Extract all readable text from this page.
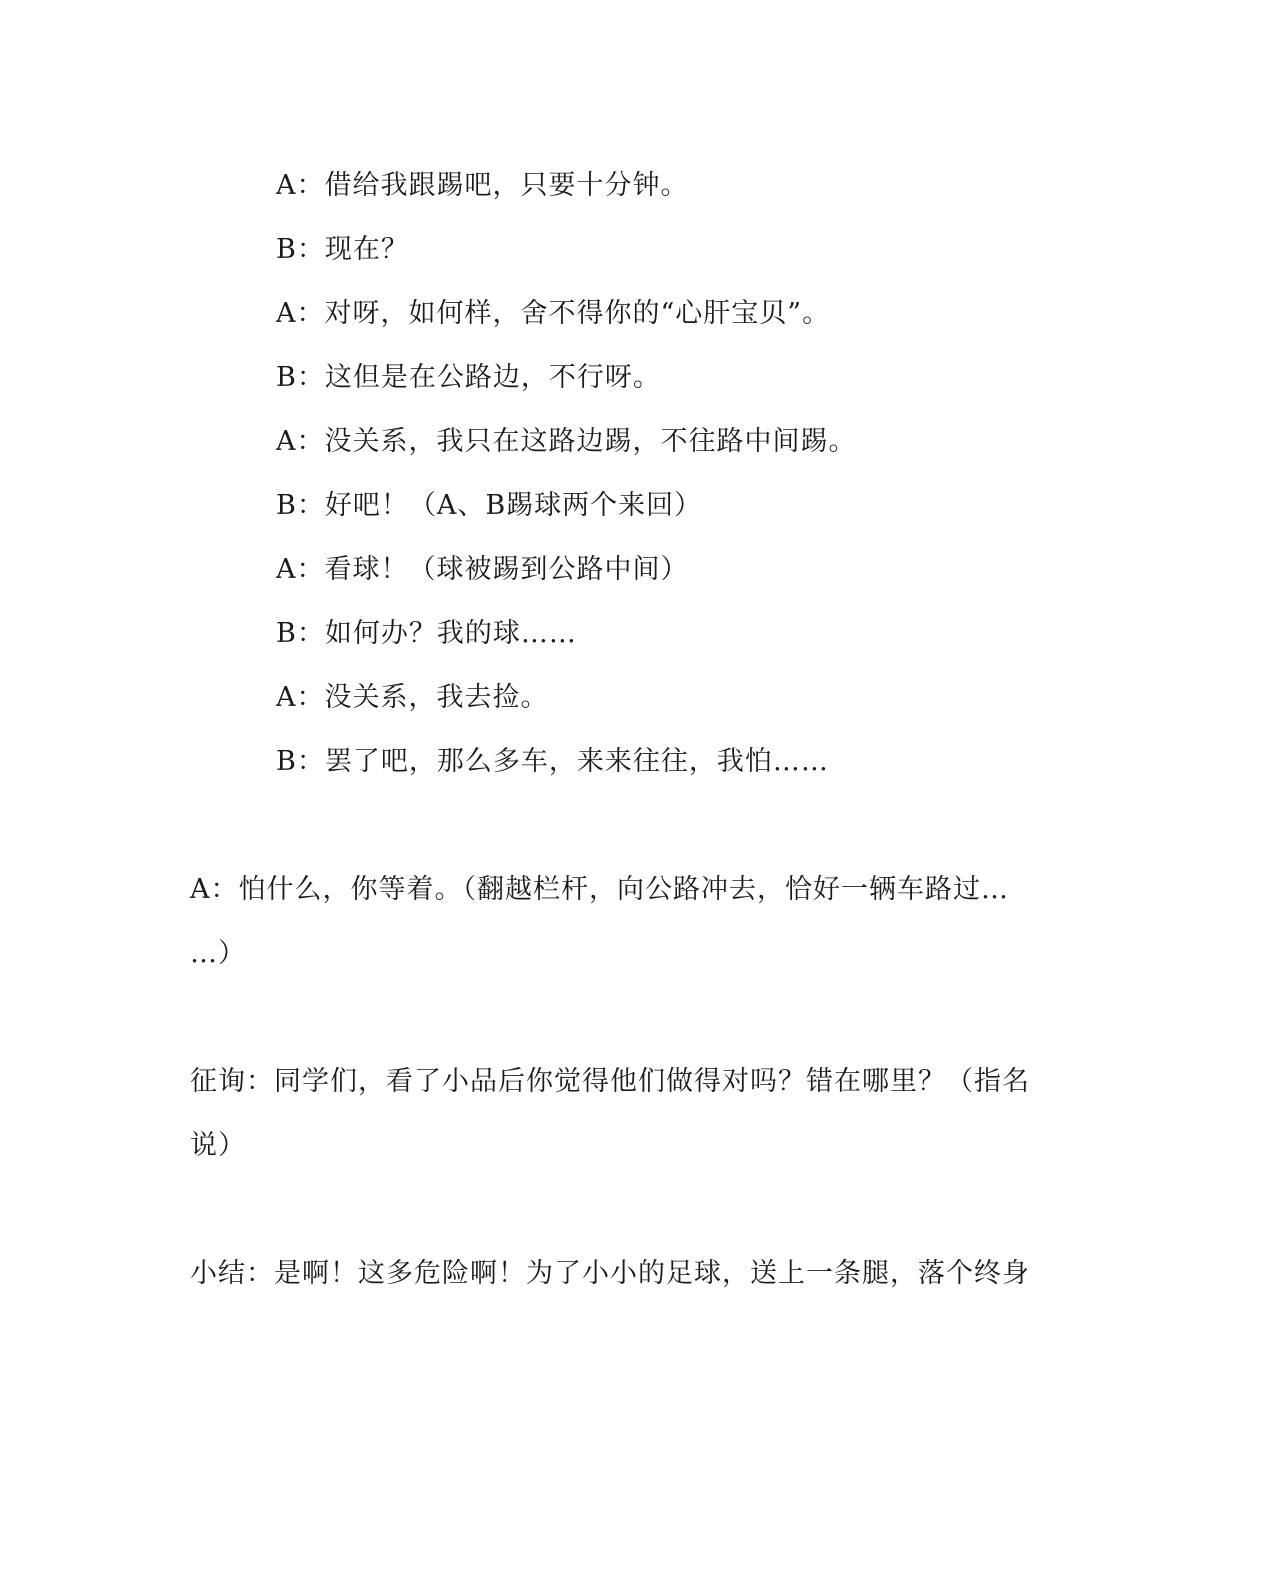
A：借给我跟踢吧，只要十分钟。
B：现在？
A：对呀，如何样，舍不得你的“心肝宝贝”。
B：这但是在公路边，不行呀。
A：没关系，我只在这路边踢，不往路中间踢。
B：好吧！（A、B踢球两个来回）
A：看球！（球被踢到公路中间）
B：如何办？我的球……
A：没关系，我去捡。
B：罢了吧，那么多车，来来往往，我怕……
A：怕什么，你等着。（翻越栏杆，向公路冲去，恰好一辆车路过…
…）
征询：同学们，看了小品后你觉得他们做得对吗？错在哪里？（指名
说）
小结：是啊！这多危险啊！为了小小的足球，送上一条腿，落个终身
